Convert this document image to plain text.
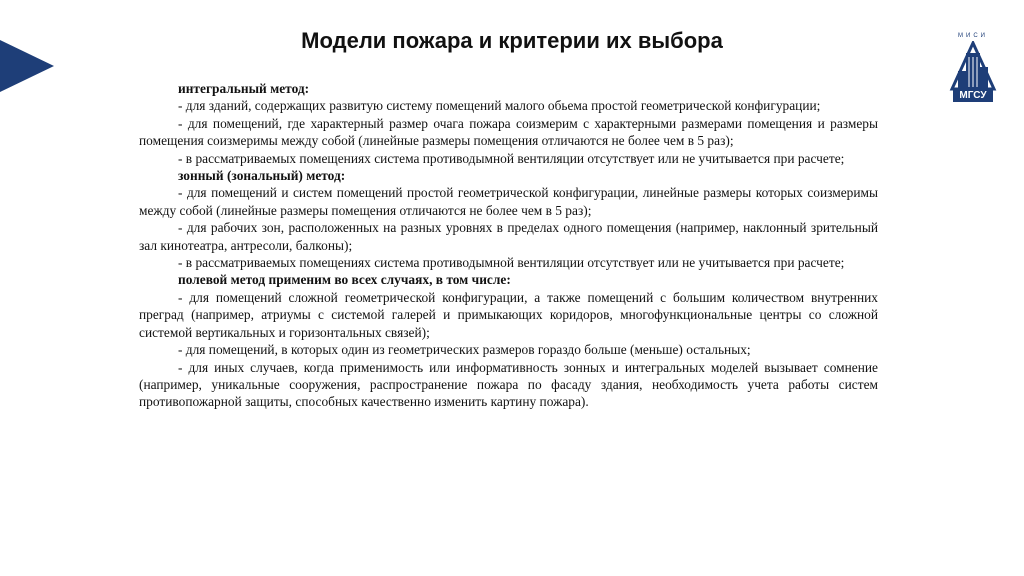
Модели пожара и критерии их выбора	МИСИ
МГСУ

интегральный метод:

- для зданий, содержащих развитую систему помещений малого обьема простой геометрической конфигурации;

- для помещений, где характерный размер очага пожара соизмерим с характерными размерами помещения и размеры помещения соизмеримы между собой (линейные размеры помещения отличаются не более чем в 5 раз);

- в рассматриваемых помещениях система противодымной вентиляции отсутствует или не учитывается при расчете;

зонный (зональный) метод:

- для помещений и систем помещений простой геометрической конфигурации, линейные размеры которых соизмеримы между собой (линейные размеры помещения отличаются не более чем в 5 раз);

- для рабочих зон, расположенных на разных уровнях в пределах одного помещения (например, наклонный зрительный зал кинотеатра, антресоли, балконы);

- в рассматриваемых помещениях система противодымной вентиляции отсутствует или не учитывается при расчете;

полевой метод применим во всех случаях, в том числе:

- для помещений сложной геометрической конфигурации, а также помещений с большим количеством внутренних преград (например, атриумы с системой галерей и примыкающих коридоров, многофункциональные центры со сложной системой вертикальных и горизонтальных связей);

- для помещений, в которых один из геометрических размеров гораздо больше (меньше) остальных;

- для иных случаев, когда применимость или информативность зонных и интегральных моделей вызывает сомнение (например, уникальные сооружения, распространение пожара по фасаду здания, необходимость учета работы систем противопожарной защиты, способных качественно изменить картину пожара).
